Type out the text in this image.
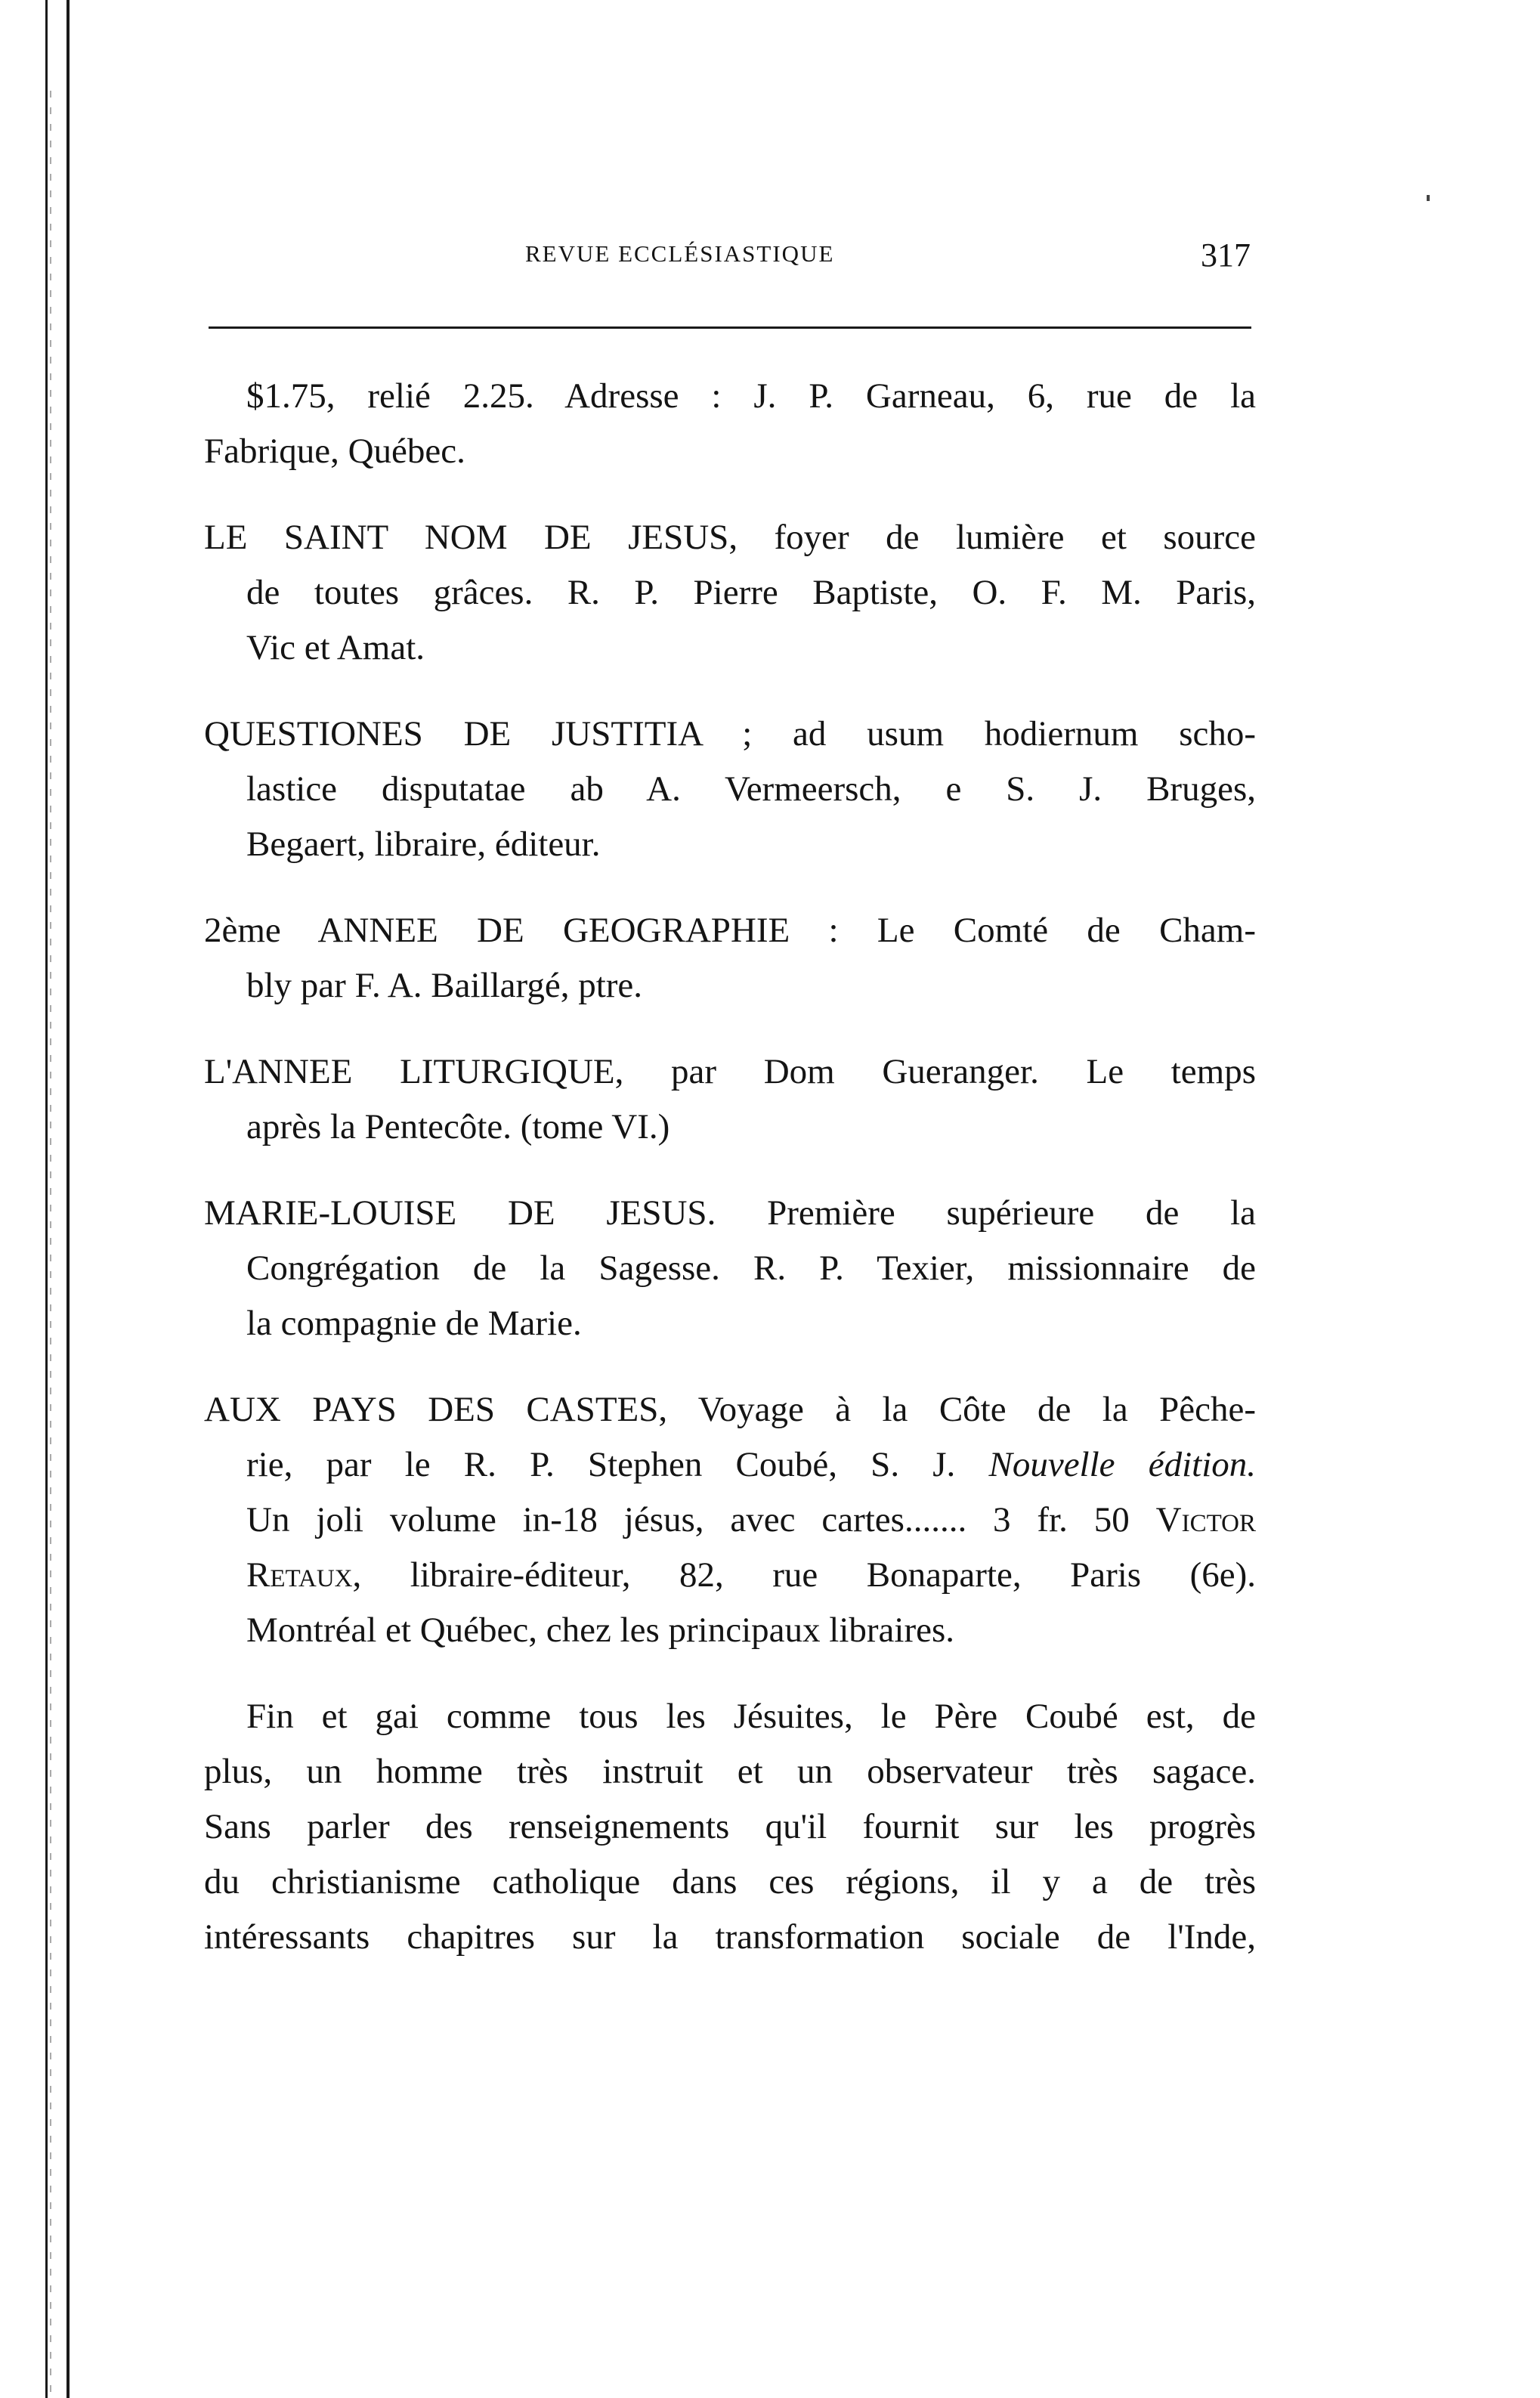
REVUE ECCLÉSIASTIQUE	317
$1.75, relié 2.25. Adresse : J. P. Garneau, 6, rue de la
Fabrique, Québec.
LE SAINT NOM DE JESUS, foyer de lumière et source
de toutes grâces. R. P. Pierre Baptiste, O. F. M. Paris,
Vic et Amat.
QUESTIONES DE JUSTITIA ; ad usum hodiernum scho-
lastice disputatae ab A. Vermeersch, e S. J. Bruges,
Begaert, libraire, éditeur.
2ème ANNEE DE GEOGRAPHIE : Le Comté de Cham-
bly par F. A. Baillargé, ptre.
L'ANNEE LITURGIQUE, par Dom Gueranger. Le temps
après la Pentecôte. (tome VI.)
MARIE-LOUISE DE JESUS. Première supérieure de la
Congrégation de la Sagesse. R. P. Texier, missionnaire de
la compagnie de Marie.
AUX PAYS DES CASTES, Voyage à la Côte de la Pêche-
rie, par le R. P. Stephen Coubé, S. J. Nouvelle édition.
Un joli volume in-18 jésus, avec cartes....... 3 fr. 50 Victor
Retaux, libraire-éditeur, 82, rue Bonaparte, Paris (6e).
Montréal et Québec, chez les principaux libraires.
Fin et gai comme tous les Jésuites, le Père Coubé est, de
plus, un homme très instruit et un observateur très sagace.
Sans parler des renseignements qu'il fournit sur les progrès
du christianisme catholique dans ces régions, il y a de très
intéressants chapitres sur la transformation sociale de l'Inde,
